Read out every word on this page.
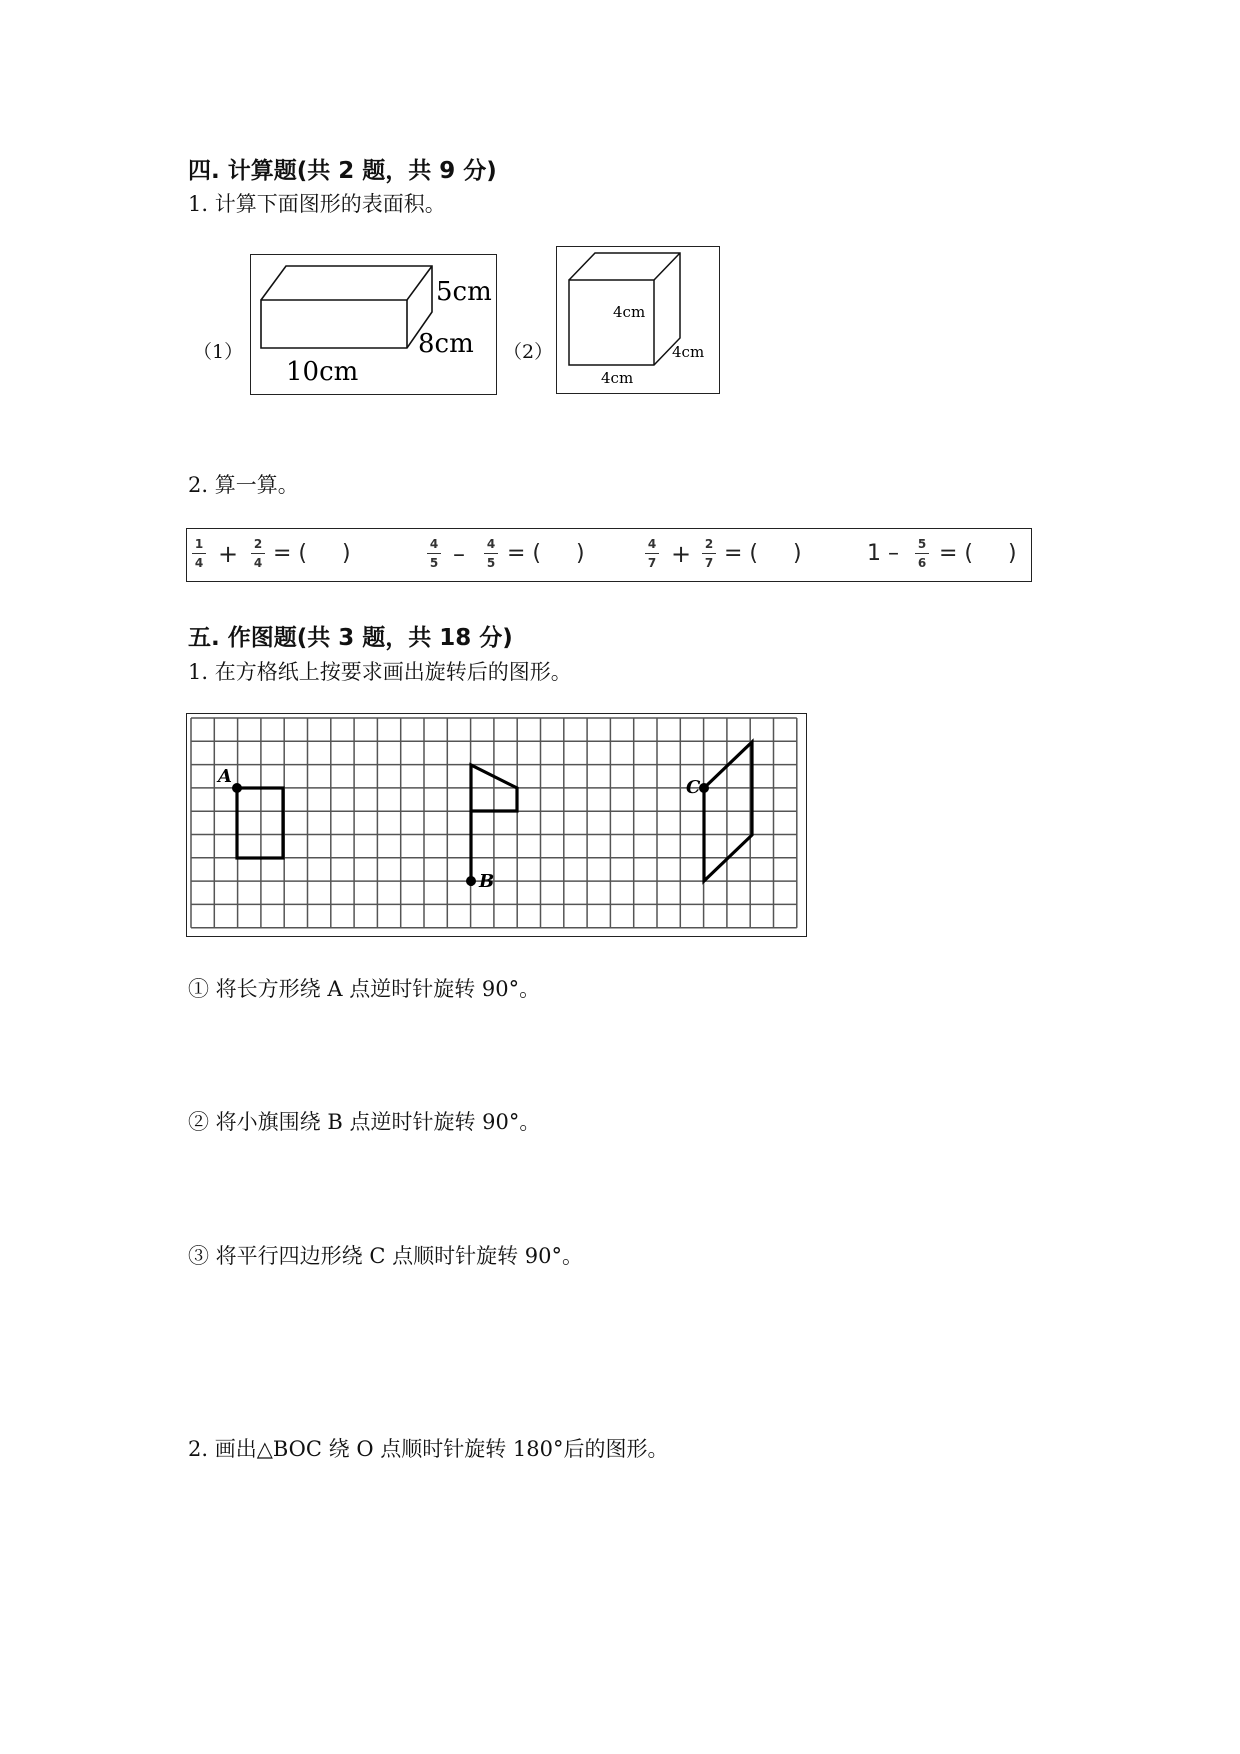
四. 计算题(共 2 题，共 9 分)
1. 计算下面图形的表面积。
（1）
5cm
8cm
10cm
（2）
4cm
4cm
4cm
2. 算一算。
1
4 +	2
4 = (     )	4
5 –	4
5 = (     )	4
7 +	2
7 = (     )	1 –	5
6 = (     )
五. 作图题(共 3 题，共 18 分)
1. 在方格纸上按要求画出旋转后的图形。
A
B
C
① 将长方形绕 A 点逆时针旋转 90°。
② 将小旗围绕 B 点逆时针旋转 90°。
③ 将平行四边形绕 C 点顺时针旋转 90°。
2. 画出△BOC 绕 O 点顺时针旋转 180°后的图形。
